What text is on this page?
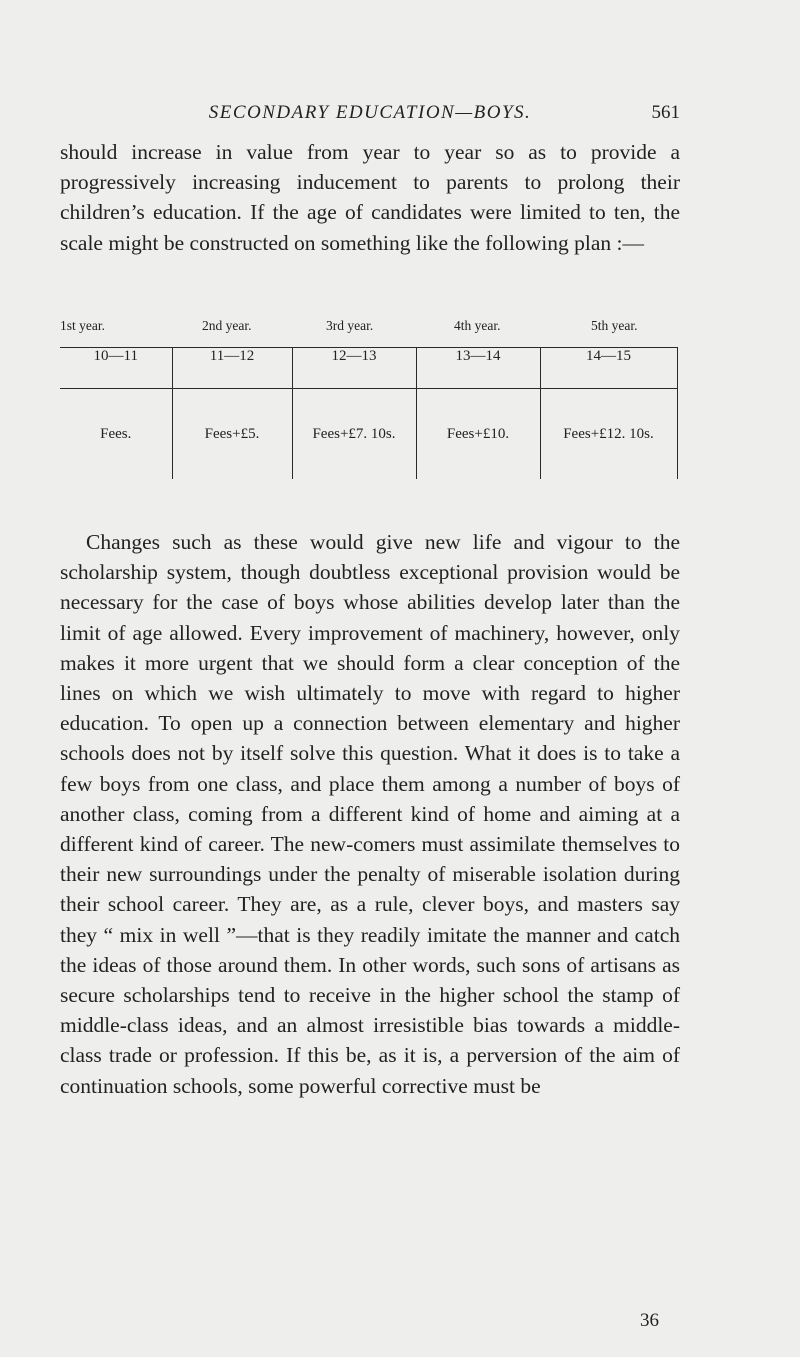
SECONDARY EDUCATION—BOYS.	561

should increase in value from year to year so as to provide a progressively increasing inducement to parents to prolong their children’s education. If the age of candidates were limited to ten, the scale might be constructed on something like the following plan :—

1st year.	2nd year.	3rd year.	4th year.	5th year.
10—11	11—12	12—13	13—14	14—15
Fees.	Fees+£5.	Fees+£7. 10s.	Fees+£10.	Fees+£12. 10s.

Changes such as these would give new life and vigour to the scholarship system, though doubtless exceptional provision would be necessary for the case of boys whose abilities develop later than the limit of age allowed. Every improvement of machinery, however, only makes it more urgent that we should form a clear conception of the lines on which we wish ultimately to move with regard to higher education. To open up a connection between elementary and higher schools does not by itself solve this question. What it does is to take a few boys from one class, and place them among a number of boys of another class, coming from a different kind of home and aiming at a different kind of career. The new-comers must assimilate themselves to their new surroundings under the penalty of miserable isolation during their school career. They are, as a rule, clever boys, and masters say they “ mix in well ”—that is they readily imitate the manner and catch the ideas of those around them. In other words, such sons of artisans as secure scholarships tend to receive in the higher school the stamp of middle-class ideas, and an almost irresistible bias towards a middle-class trade or profession. If this be, as it is, a perversion of the aim of continuation schools, some powerful corrective must be

36
